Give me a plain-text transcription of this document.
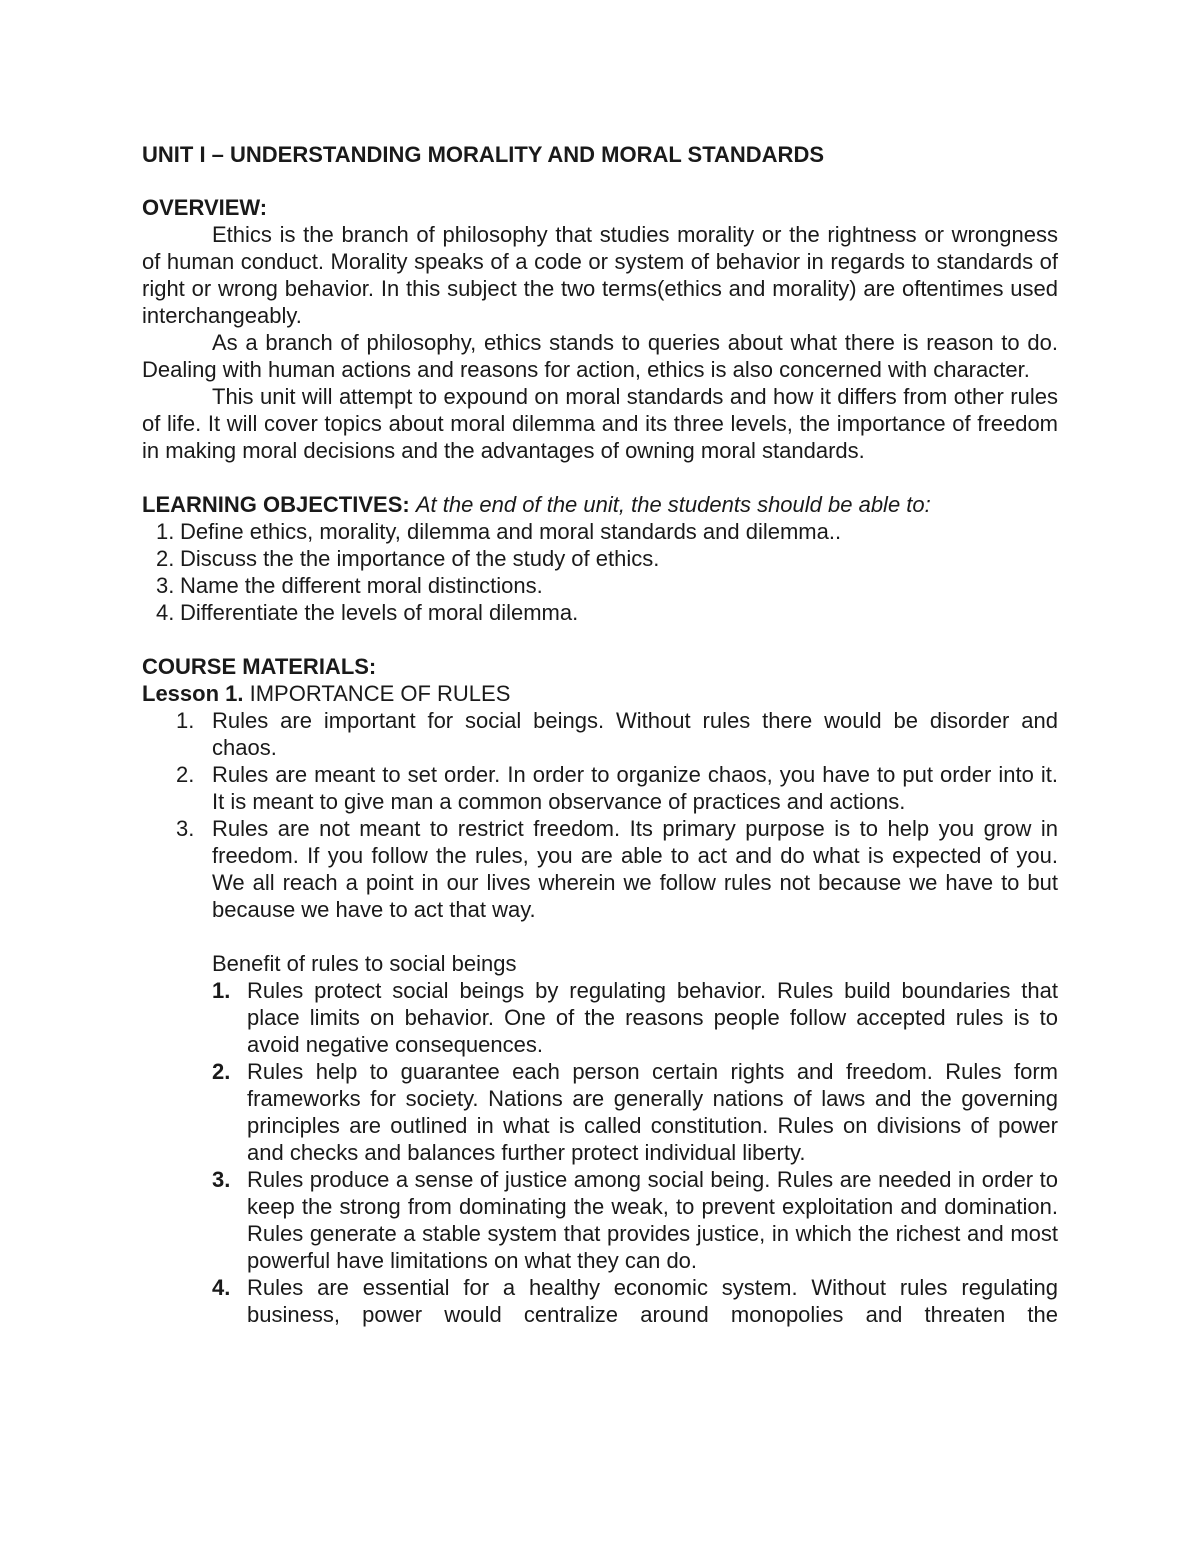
UNIT I – UNDERSTANDING MORALITY AND MORAL STANDARDS
OVERVIEW:

Ethics is the branch of philosophy that studies morality or the rightness or wrongness of human conduct. Morality speaks of a code or system of behavior in regards to standards of right or wrong behavior. In this subject the two terms(ethics and morality) are oftentimes used interchangeably.

As a branch of philosophy, ethics stands to queries about what there is reason to do. Dealing with human actions and reasons for action, ethics is also concerned with character.

This unit will attempt to expound on moral standards and how it differs from other rules of life. It will cover topics about moral dilemma and its three levels, the importance of freedom in making moral decisions and the advantages of owning moral standards.

LEARNING OBJECTIVES: At the end of the unit, the students should be able to:
1. Define ethics, morality, dilemma and moral standards and dilemma..
2. Discuss the the importance of the study of ethics.
3. Name the different moral distinctions.
4. Differentiate the levels of moral dilemma.
COURSE MATERIALS:
Lesson 1. IMPORTANCE OF RULES
1. Rules are important for social beings. Without rules there would be disorder and chaos.
2. Rules are meant to set order. In order to organize chaos, you have to put order into it. It is meant to give man a common observance of practices and actions.
3. Rules are not meant to restrict freedom. Its primary purpose is to help you grow in freedom. If you follow the rules, you are able to act and do what is expected of you. We all reach a point in our lives wherein we follow rules not because we have to but because we have to act that way.
Benefit of rules to social beings
1. Rules protect social beings by regulating behavior. Rules build boundaries that place limits on behavior. One of the reasons people follow accepted rules is to avoid negative consequences.
2. Rules help to guarantee each person certain rights and freedom. Rules form frameworks for society. Nations are generally nations of laws and the governing principles are outlined in what is called constitution. Rules on divisions of power and checks and balances further protect individual liberty.
3. Rules produce a sense of justice among social being. Rules are needed in order to keep the strong from dominating the weak, to prevent exploitation and domination. Rules generate a stable system that provides justice, in which the richest and most powerful have limitations on what they can do.
4. Rules are essential for a healthy economic system. Without rules regulating business, power would centralize around monopolies and threaten the
